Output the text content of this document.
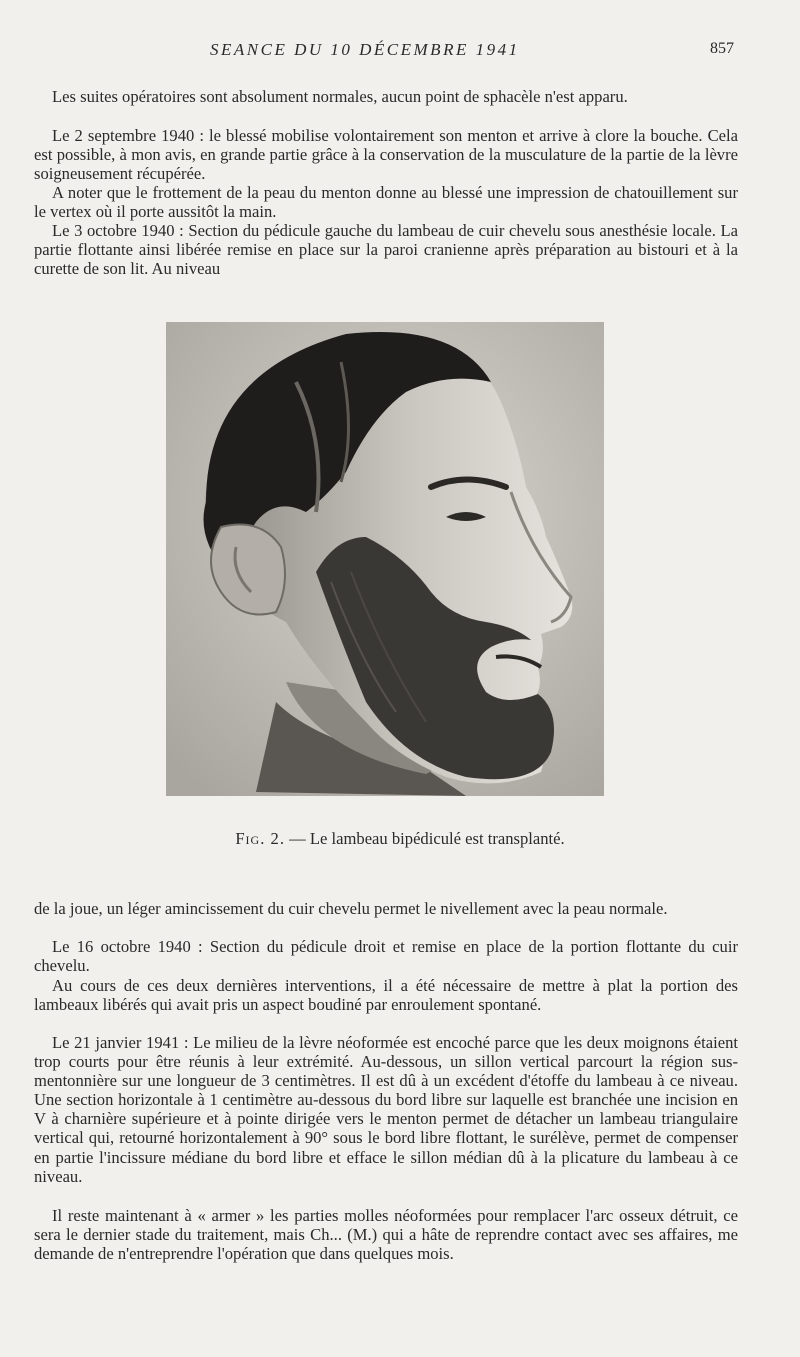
SEANCE DU 10 DÉCEMBRE 1941	857

Les suites opératoires sont absolument normales, aucun point de sphacèle n'est apparu.

Le 2 septembre 1940 : le blessé mobilise volontairement son menton et arrive à clore la bouche. Cela est possible, à mon avis, en grande partie grâce à la conservation de la musculature de la partie de la lèvre soigneusement récupérée.

A noter que le frottement de la peau du menton donne au blessé une impression de chatouillement sur le vertex où il porte aussitôt la main.

Le 3 octobre 1940 : Section du pédicule gauche du lambeau de cuir chevelu sous anesthésie locale. La partie flottante ainsi libérée remise en place sur la paroi cranienne après préparation au bistouri et à la curette de son lit. Au niveau

Fig. 2. — Le lambeau bipédiculé est transplanté.

de la joue, un léger amincissement du cuir chevelu permet le nivellement avec la peau normale.

Le 16 octobre 1940 : Section du pédicule droit et remise en place de la portion flottante du cuir chevelu.

Au cours de ces deux dernières interventions, il a été nécessaire de mettre à plat la portion des lambeaux libérés qui avait pris un aspect boudiné par enroulement spontané.

Le 21 janvier 1941 : Le milieu de la lèvre néoformée est encoché parce que les deux moignons étaient trop courts pour être réunis à leur extrémité. Au-dessous, un sillon vertical parcourt la région sus-mentonnière sur une longueur de 3 centimètres. Il est dû à un excédent d'étoffe du lambeau à ce niveau. Une section horizontale à 1 centimètre au-dessous du bord libre sur laquelle est branchée une incision en V à charnière supérieure et à pointe dirigée vers le menton permet de détacher un lambeau triangulaire vertical qui, retourné horizontalement à 90° sous le bord libre flottant, le surélève, permet de compenser en partie l'incissure médiane du bord libre et efface le sillon médian dû à la plicature du lambeau à ce niveau.

Il reste maintenant à « armer » les parties molles néoformées pour remplacer l'arc osseux détruit, ce sera le dernier stade du traitement, mais Ch... (M.) qui a hâte de reprendre contact avec ses affaires, me demande de n'entreprendre l'opération que dans quelques mois.
